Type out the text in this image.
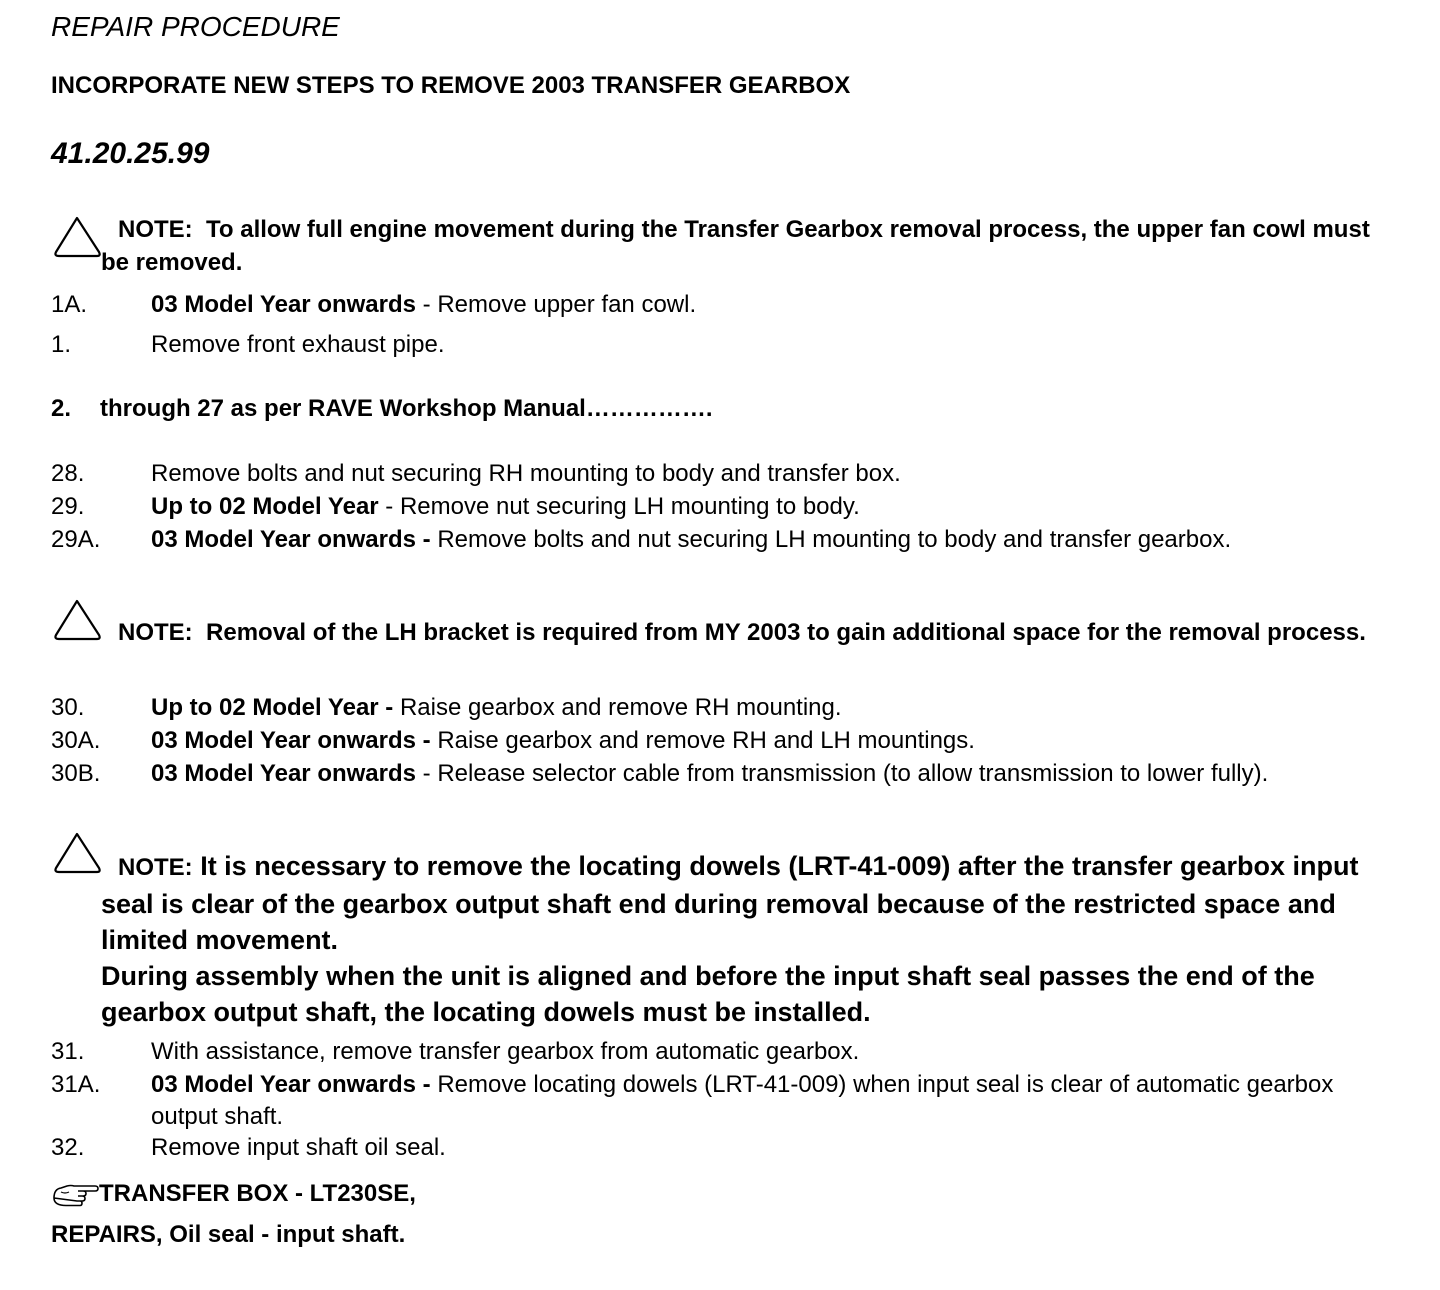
REPAIR PROCEDURE
INCORPORATE NEW STEPS TO REMOVE 2003 TRANSFER GEARBOX
41.20.25.99
NOTE: To allow full engine movement during the Transfer Gearbox removal process, the upper fan cowl must be removed.
1A.	03 Model Year onwards - Remove upper fan cowl.
1.	Remove front exhaust pipe.
2. through 27 as per RAVE Workshop Manual…………….
28.	Remove bolts and nut securing RH mounting to body and transfer box.
29.	Up to 02 Model Year - Remove nut securing LH mounting to body.
29A. 03 Model Year onwards - Remove bolts and nut securing LH mounting to body and transfer gearbox.
NOTE: Removal of the LH bracket is required from MY 2003 to gain additional space for the removal process.
30.	Up to 02 Model Year - Raise gearbox and remove RH mounting.
30A. 03 Model Year onwards - Raise gearbox and remove RH and LH mountings.
30B. 03 Model Year onwards - Release selector cable from transmission (to allow transmission to lower fully).
NOTE: It is necessary to remove the locating dowels (LRT-41-009) after the transfer gearbox input seal is clear of the gearbox output shaft end during removal because of the restricted space and limited movement.
During assembly when the unit is aligned and before the input shaft seal passes the end of the gearbox output shaft, the locating dowels must be installed.
31.	With assistance, remove transfer gearbox from automatic gearbox.
31A. 03 Model Year onwards - Remove locating dowels (LRT-41-009) when input seal is clear of automatic gearbox output shaft.
32.	Remove input shaft oil seal.
TRANSFER BOX - LT230SE,
REPAIRS, Oil seal - input shaft.
